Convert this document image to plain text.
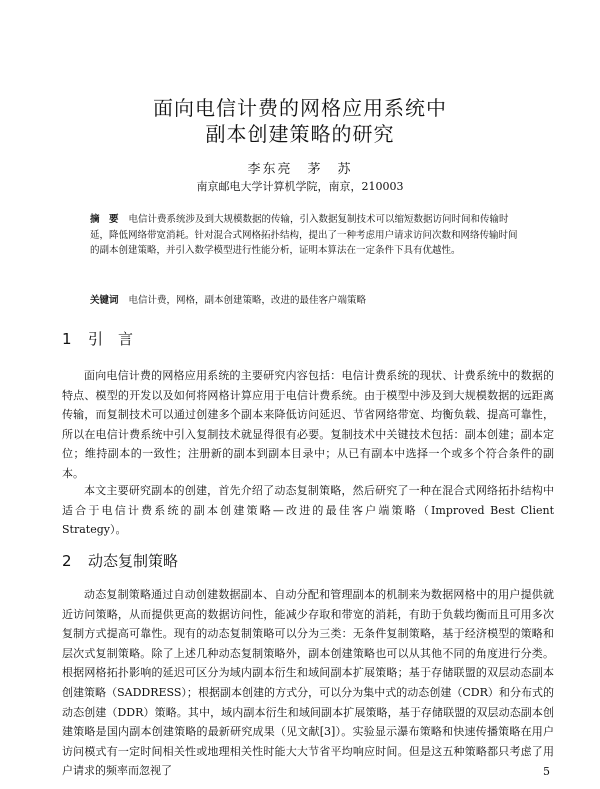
面向电信计费的网格应用系统中
副本创建策略的研究
李东亮　茅　苏
南京邮电大学计算机学院，南京，210003
摘　要 电信计费系统涉及到大规模数据的传输，引入数据复制技术可以缩短数据访问时间和传输时延，降低网络带宽消耗。针对混合式网格拓扑结构，提出了一种考虑用户请求访问次数和网络传输时间的副本创建策略，并引入数学模型进行性能分析，证明本算法在一定条件下具有优越性。
关键词 电信计费，网格，副本创建策略，改进的最佳客户端策略
1 引　言

面向电信计费的网格应用系统的主要研究内容包括：电信计费系统的现状、计费系统中的数据的特点、模型的开发以及如何将网格计算应用于电信计费系统。由于模型中涉及到大规模数据的远距离传输，而复制技术可以通过创建多个副本来降低访问延迟、节省网络带宽、均衡负载、提高可靠性，所以在电信计费系统中引入复制技术就显得很有必要。复制技术中关键技术包括：副本创建；副本定位；维持副本的一致性；注册新的副本到副本目录中；从已有副本中选择一个或多个符合条件的副本。

本文主要研究副本的创建，首先介绍了动态复制策略，然后研究了一种在混合式网络拓扑结构中适合于电信计费系统的副本创建策略—改进的最佳客户端策略（Improved Best Client Strategy）。

2 动态复制策略

动态复制策略通过自动创建数据副本、自动分配和管理副本的机制来为数据网格中的用户提供就近访问策略，从而提供更高的数据访问性，能减少存取和带宽的消耗，有助于负载均衡而且可用多次复制方式提高可靠性。现有的动态复制策略可以分为三类：无条件复制策略，基于经济模型的策略和层次式复制策略。除了上述几种动态复制策略外，副本创建策略也可以从其他不同的角度进行分类。根据网格拓扑影响的延迟可区分为域内副本衍生和域间副本扩展策略；基于存储联盟的双层动态副本创建策略（SADDRESS）；根据副本创建的方式分，可以分为集中式的动态创建（CDR）和分布式的动态创建（DDR）策略。其中，域内副本衍生和域间副本扩展策略，基于存储联盟的双层动态副本创建策略是国内副本创建策略的最新研究成果（见文献[3]）。实验显示瀑布策略和快速传播策略在用户访问模式有一定时间相关性或地理相关性时能大大节省平均响应时间。但是这五种策略都只考虑了用户请求的频率而忽视了	5
